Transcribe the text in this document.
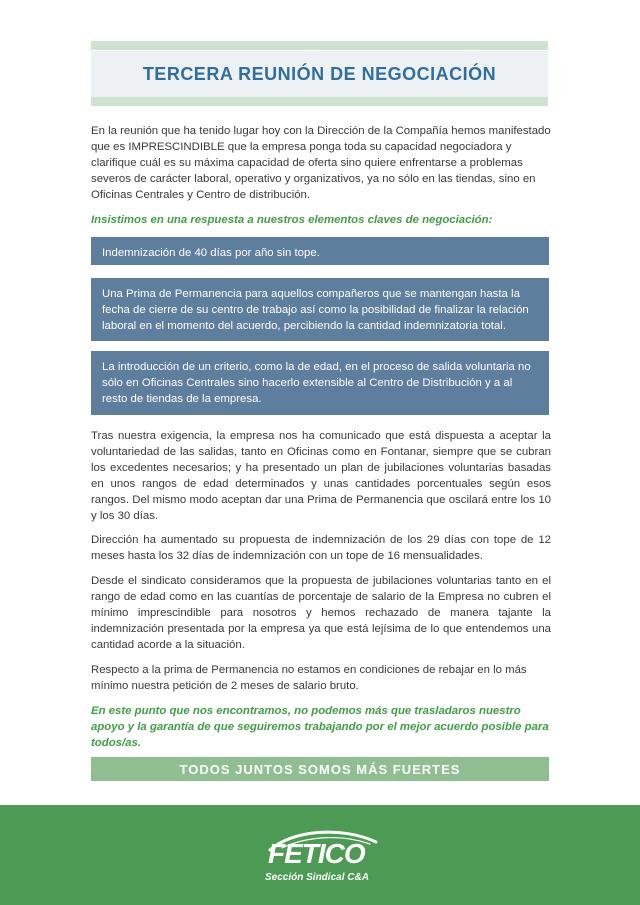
TERCERA REUNIÓN DE NEGOCIACIÓN

En la reunión que ha tenido lugar hoy con la Dirección de la Compañía hemos manifestado que es IMPRESCINDIBLE que la empresa ponga toda su capacidad negociadora y clarifique cuál es su máxima capacidad de oferta sino quiere enfrentarse a problemas severos de carácter laboral, operativo y organizativos, ya no sólo en las tiendas, sino en Oficinas Centrales y Centro de distribución.

Insistimos en una respuesta a nuestros elementos claves de negociación:

Indemnización de 40 días por año sin tope.
Una Prima de Permanencia para aquellos compañeros que se mantengan hasta la fecha de cierre de su centro de trabajo así como la posibilidad de finalizar la relación laboral en el momento del acuerdo, percibiendo la cantidad indemnizatoria total.
La introducción de un criterio, como la de edad, en el proceso de salida voluntaria no sólo en Oficinas Centrales sino hacerlo extensible al Centro de Distribución y a al resto de tiendas de la empresa.

Tras nuestra exigencia, la empresa nos ha comunicado que está dispuesta a aceptar la voluntariedad de las salidas, tanto en Oficinas como en Fontanar, siempre que se cubran los excedentes necesarios; y ha presentado un plan de jubilaciones voluntarias basadas en unos rangos de edad determinados y unas cantidades porcentuales según esos rangos. Del mismo modo aceptan dar una Prima de Permanencia que oscilará entre los 10 y los 30 días.

Dirección ha aumentado su propuesta de indemnización de los 29 días con tope de 12 meses hasta los 32 días de indemnización con un tope de 16 mensualidades.

Desde el sindicato consideramos que la propuesta de jubilaciones voluntarias tanto en el rango de edad como en las cuantías de porcentaje de salario de la Empresa no cubren el mínimo imprescindible para nosotros y hemos rechazado de manera tajante la indemnización presentada por la empresa ya que está lejísima de lo que entendemos una cantidad acorde a la situación.

Respecto a la prima de Permanencia no estamos en condiciones de rebajar en lo más mínimo nuestra petición de 2 meses de salario bruto.

En este punto que nos encontramos, no podemos más que trasladaros nuestro apoyo y la garantía de que seguiremos trabajando por el mejor acuerdo posible para todos/as.

TODOS JUNTOS SOMOS MÁS FUERTES

FETICO

Sección Sindical C&A
